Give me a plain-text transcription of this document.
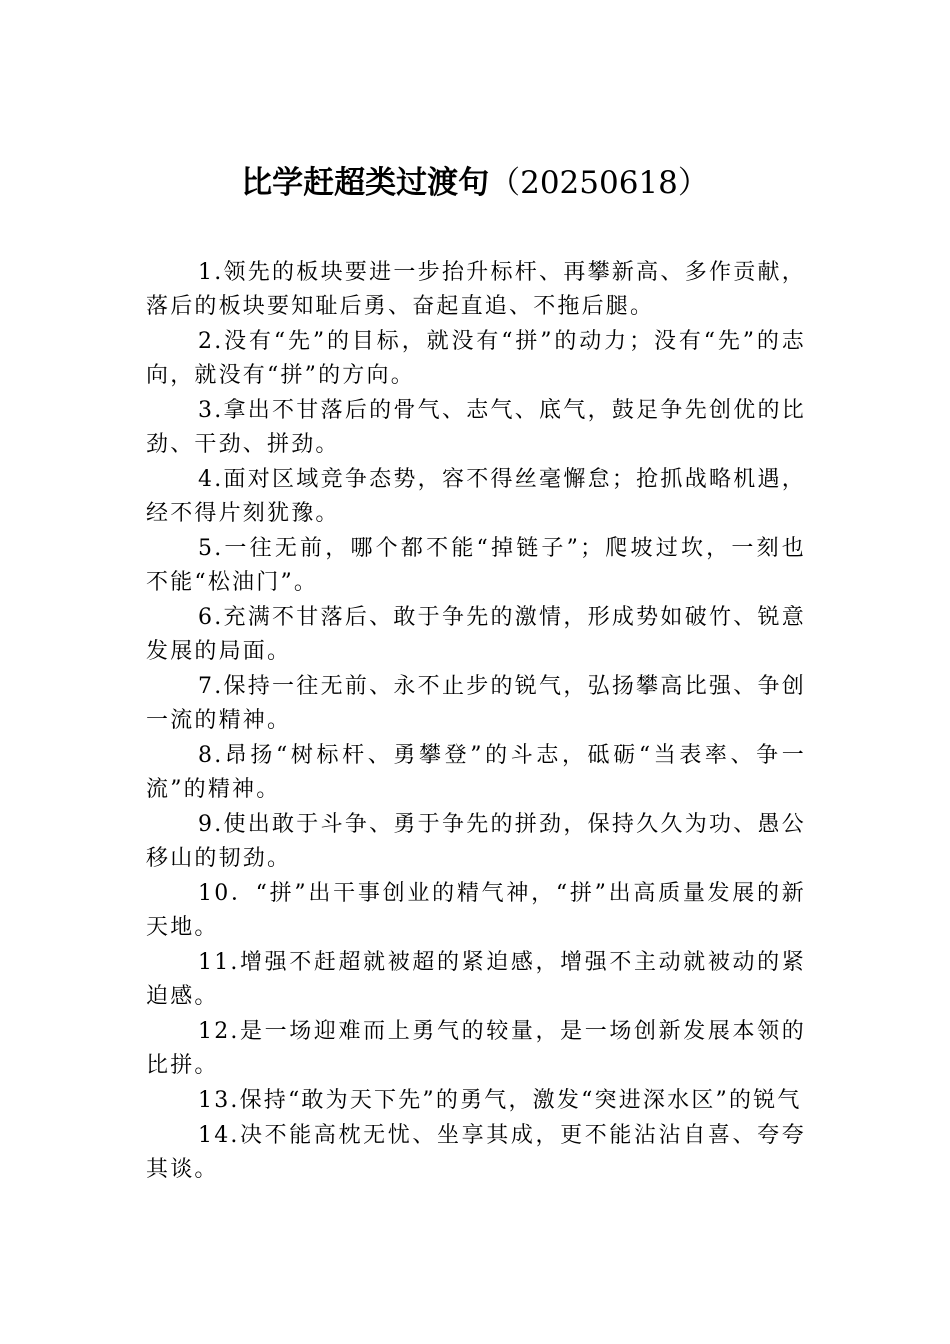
比学赶超类过渡句（20250618）

1.领先的板块要进一步抬升标杆、再攀新高、多作贡献，落后的板块要知耻后勇、奋起直追、不拖后腿。

2.没有“先”的目标，就没有“拼”的动力；没有“先”的志向，就没有“拼”的方向。

3.拿出不甘落后的骨气、志气、底气，鼓足争先创优的比劲、干劲、拼劲。

4.面对区域竞争态势，容不得丝毫懈怠；抢抓战略机遇，经不得片刻犹豫。

5.一往无前，哪个都不能“掉链子”；爬坡过坎，一刻也不能“松油门”。

6.充满不甘落后、敢于争先的激情，形成势如破竹、锐意发展的局面。

7.保持一往无前、永不止步的锐气，弘扬攀高比强、争创一流的精神。

8.昂扬“树标杆、勇攀登”的斗志，砥砺“当表率、争一流”的精神。

9.使出敢于斗争、勇于争先的拼劲，保持久久为功、愚公移山的韧劲。

10．“拼”出干事创业的精气神，“拼”出高质量发展的新天地。

11.增强不赶超就被超的紧迫感，增强不主动就被动的紧迫感。

12.是一场迎难而上勇气的较量，是一场创新发展本领的比拼。

13.保持“敢为天下先”的勇气，激发“突进深水区”的锐气

14.决不能高枕无忧、坐享其成，更不能沾沾自喜、夸夸其谈。
